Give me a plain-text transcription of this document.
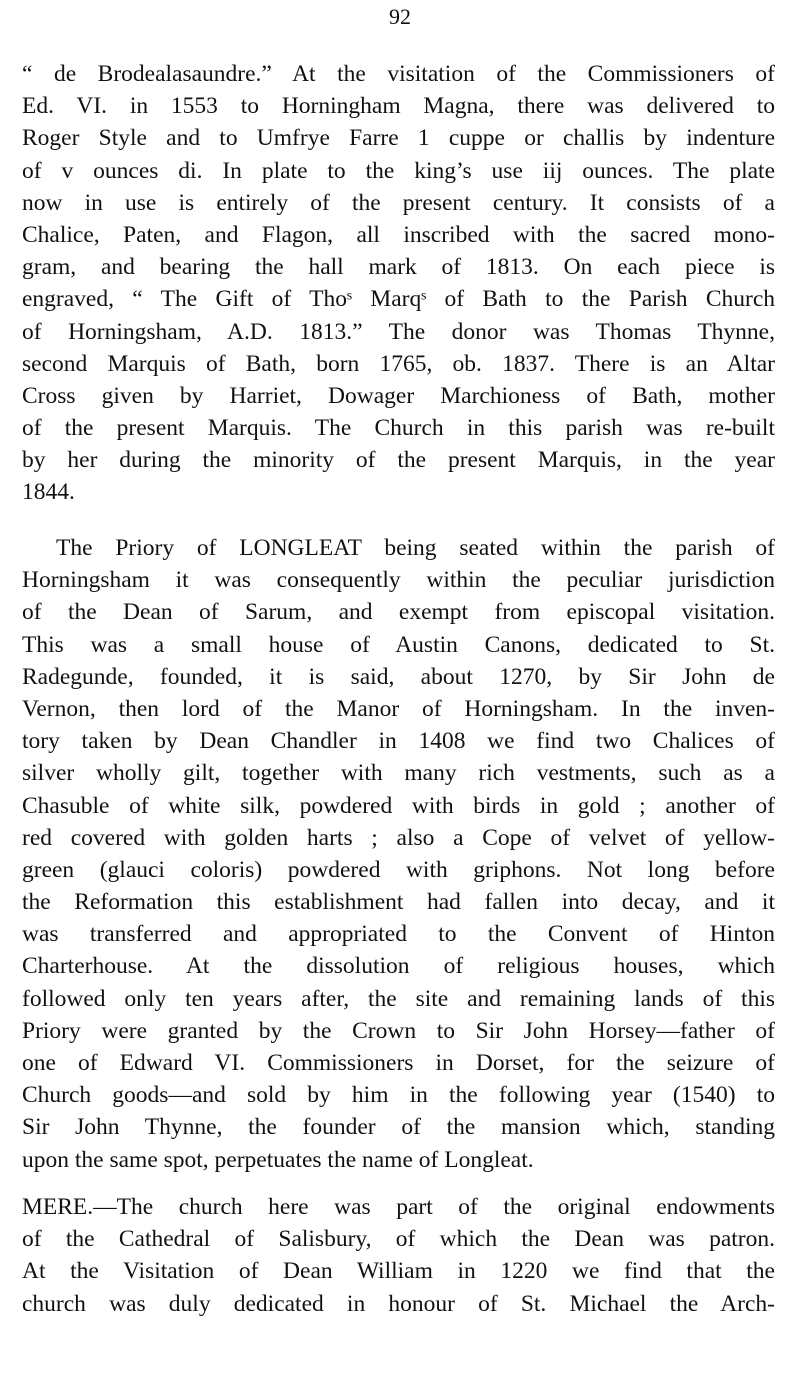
92
“ de Brodealasaundre.” At the visitation of the Commissioners of
Ed. VI. in 1553 to Horningham Magna, there was delivered to
Roger Style and to Umfrye Farre 1 cuppe or challis by indenture
of v ounces di. In plate to the king’s use iij ounces. The plate
now in use is entirely of the present century. It consists of a
Chalice, Paten, and Flagon, all inscribed with the sacred mono-
gram, and bearing the hall mark of 1813. On each piece is
engraved, “ The Gift of Thoˢ Marqˢ of Bath to the Parish Church
of Horningsham, A.D. 1813.” The donor was Thomas Thynne,
second Marquis of Bath, born 1765, ob. 1837. There is an Altar
Cross given by Harriet, Dowager Marchioness of Bath, mother
of the present Marquis. The Church in this parish was re-built
by her during the minority of the present Marquis, in the year
1844.
The Priory of LONGLEAT being seated within the parish of
Horningsham it was consequently within the peculiar jurisdiction
of the Dean of Sarum, and exempt from episcopal visitation.
This was a small house of Austin Canons, dedicated to St.
Radegunde, founded, it is said, about 1270, by Sir John de
Vernon, then lord of the Manor of Horningsham. In the inven-
tory taken by Dean Chandler in 1408 we find two Chalices of
silver wholly gilt, together with many rich vestments, such as a
Chasuble of white silk, powdered with birds in gold ; another of
red covered with golden harts ; also a Cope of velvet of yellow-
green (glauci coloris) powdered with griphons. Not long before
the Reformation this establishment had fallen into decay, and it
was transferred and appropriated to the Convent of Hinton
Charterhouse. At the dissolution of religious houses, which
followed only ten years after, the site and remaining lands of this
Priory were granted by the Crown to Sir John Horsey—father of
one of Edward VI. Commissioners in Dorset, for the seizure of
Church goods—and sold by him in the following year (1540) to
Sir John Thynne, the founder of the mansion which, standing
upon the same spot, perpetuates the name of Longleat.
MERE.—The church here was part of the original endowments
of the Cathedral of Salisbury, of which the Dean was patron.
At the Visitation of Dean William in 1220 we find that the
church was duly dedicated in honour of St. Michael the Arch-
